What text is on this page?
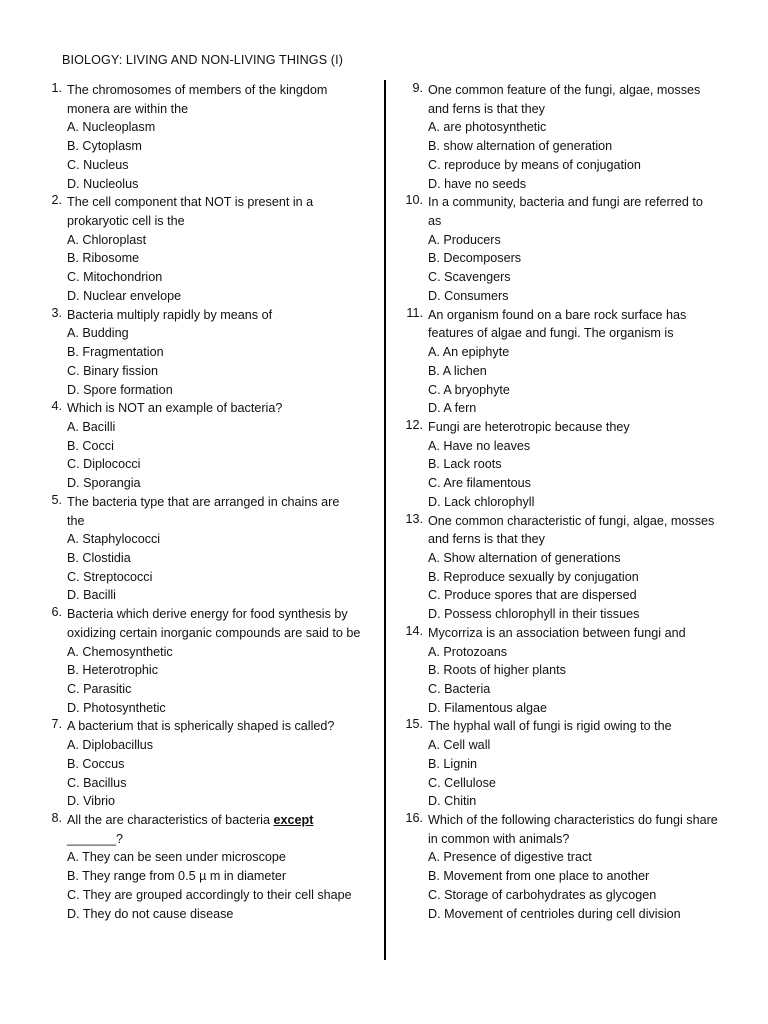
BIOLOGY: LIVING AND NON-LIVING THINGS (I)
1. The chromosomes of members of the kingdom
monera are within the
A. Nucleoplasm
B. Cytoplasm
C. Nucleus
D. Nucleolus
2. The cell component that NOT is present in a
prokaryotic cell is the
A. Chloroplast
B. Ribosome
C. Mitochondrion
D. Nuclear envelope
3. Bacteria multiply rapidly by means of
A. Budding
B. Fragmentation
C. Binary fission
D. Spore formation
4. Which is NOT an example of bacteria?
A. Bacilli
B. Cocci
C. Diplococci
D. Sporangia
5. The bacteria type that are arranged in chains are
the
A. Staphylococci
B. Clostidia
C. Streptococci
D. Bacilli
6. Bacteria which derive energy for food synthesis by
oxidizing certain inorganic compounds are said to be
A. Chemosynthetic
B. Heterotrophic
C. Parasitic
D. Photosynthetic
7. A bacterium that is spherically shaped is called?
A. Diplobacillus
B. Coccus
C. Bacillus
D. Vibrio
8. All the are characteristics of bacteria except
_______?
A. They can be seen under microscope
B. They range from 0.5 µ m in diameter
C. They are grouped accordingly to their cell shape
D. They do not cause disease
9. One common feature of the fungi, algae, mosses
and ferns is that they
A. are photosynthetic
B. show alternation of generation
C. reproduce by means of conjugation
D. have no seeds
10. In a community, bacteria and fungi are referred to
as
A. Producers
B. Decomposers
C. Scavengers
D. Consumers
11. An organism found on a bare rock surface has
features of algae and fungi. The organism is
A. An epiphyte
B. A lichen
C. A bryophyte
D. A fern
12. Fungi are heterotropic because they
A. Have no leaves
B. Lack roots
C. Are filamentous
D. Lack chlorophyll
13. One common characteristic of fungi, algae, mosses
and ferns is that they
A. Show alternation of generations
B. Reproduce sexually by conjugation
C. Produce spores that are dispersed
D. Possess chlorophyll in their tissues
14. Mycorriza is an association between fungi and
A. Protozoans
B. Roots of higher plants
C. Bacteria
D. Filamentous algae
15. The hyphal wall of fungi is rigid owing to the
A. Cell wall
B. Lignin
C. Cellulose
D. Chitin
16. Which of the following characteristics do fungi share
in common with animals?
A. Presence of digestive tract
B. Movement from one place to another
C. Storage of carbohydrates as glycogen
D. Movement of centrioles during cell division
